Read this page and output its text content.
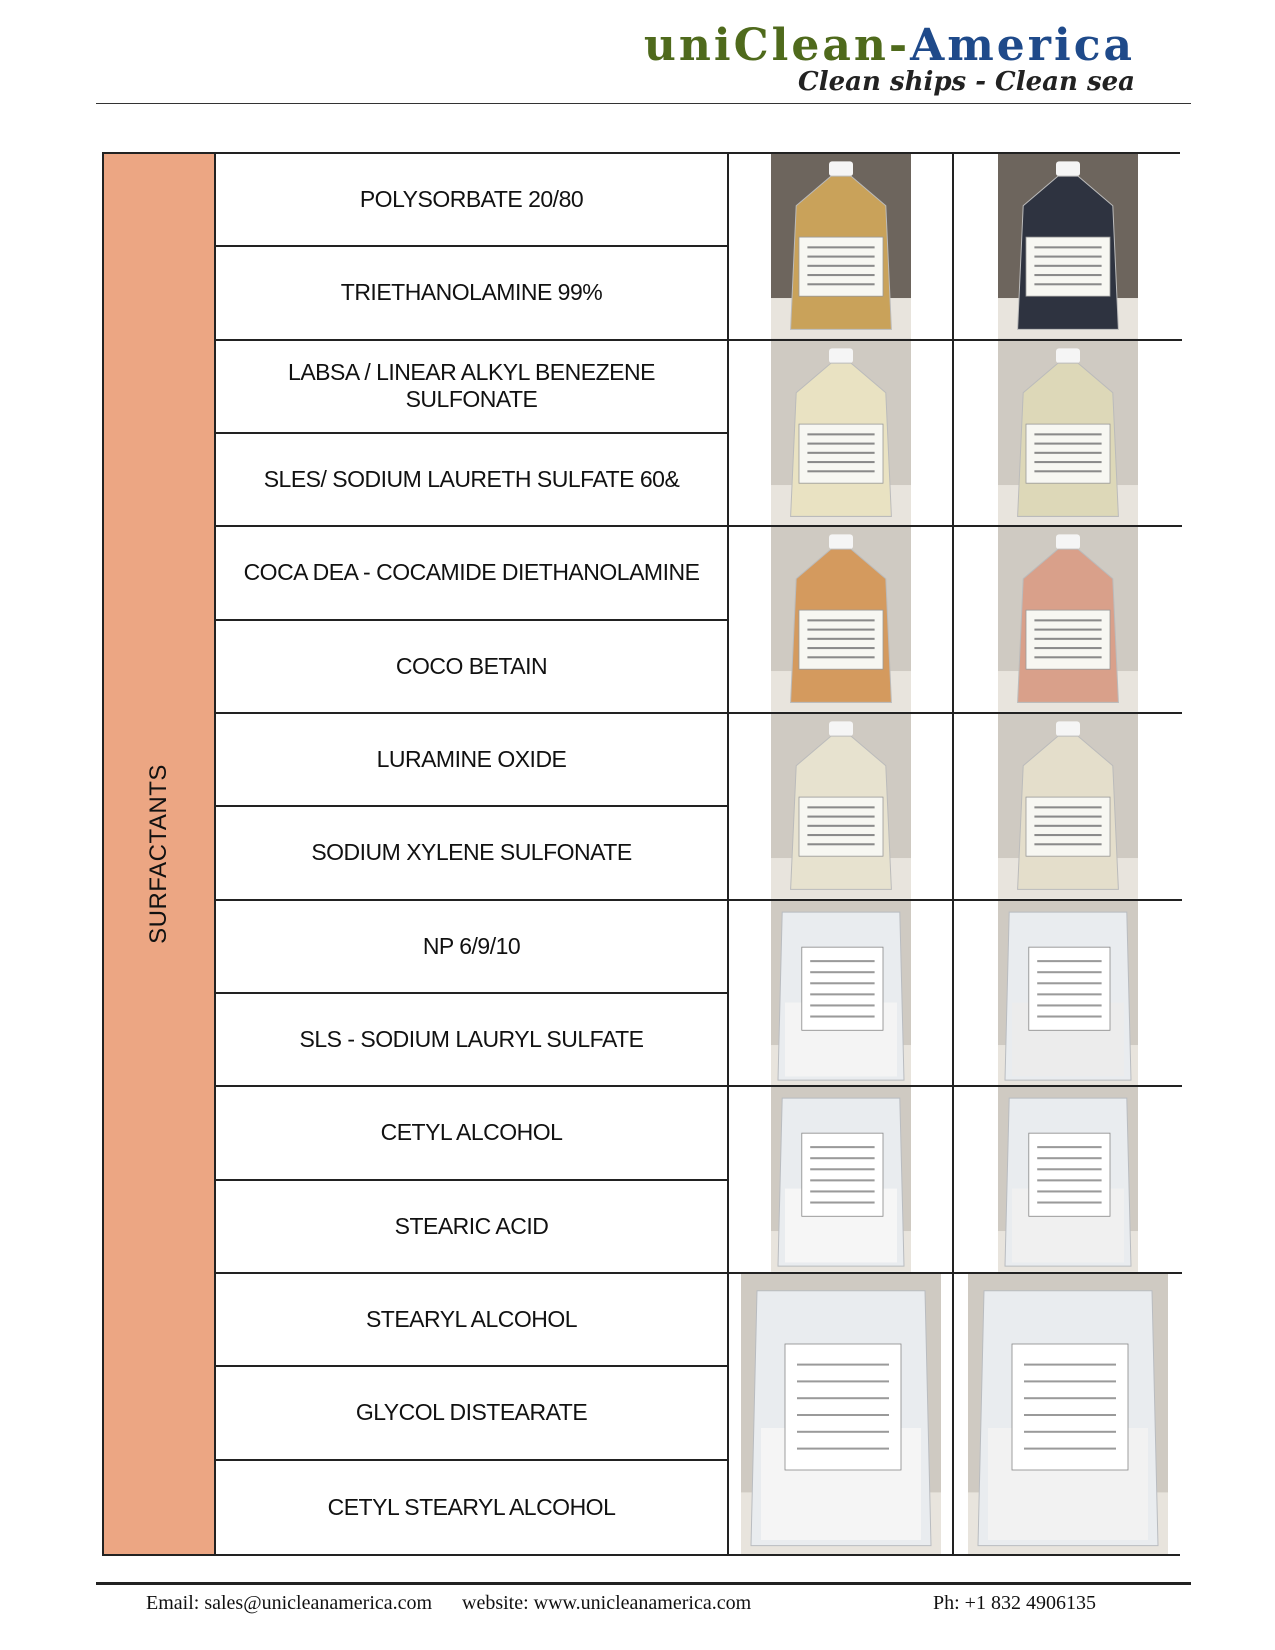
uniClean-America
Clean ships - Clean sea
SURFACTANTS
POLYSORBATE 20/80
TRIETHANOLAMINE 99%
LABSA / LINEAR ALKYL BENEZENE SULFONATE
SLES/ SODIUM LAURETH SULFATE 60&
COCA DEA - COCAMIDE DIETHANOLAMINE
COCO BETAIN
LURAMINE OXIDE
SODIUM XYLENE SULFONATE
NP 6/9/10
SLS - SODIUM LAURYL SULFATE
CETYL ALCOHOL
STEARIC ACID
STEARYL ALCOHOL
GLYCOL DISTEARATE
CETYL STEARYL ALCOHOL
Email: sales@unicleanamerica.com website: www.unicleanamerica.com	Ph: +1 832 4906135
